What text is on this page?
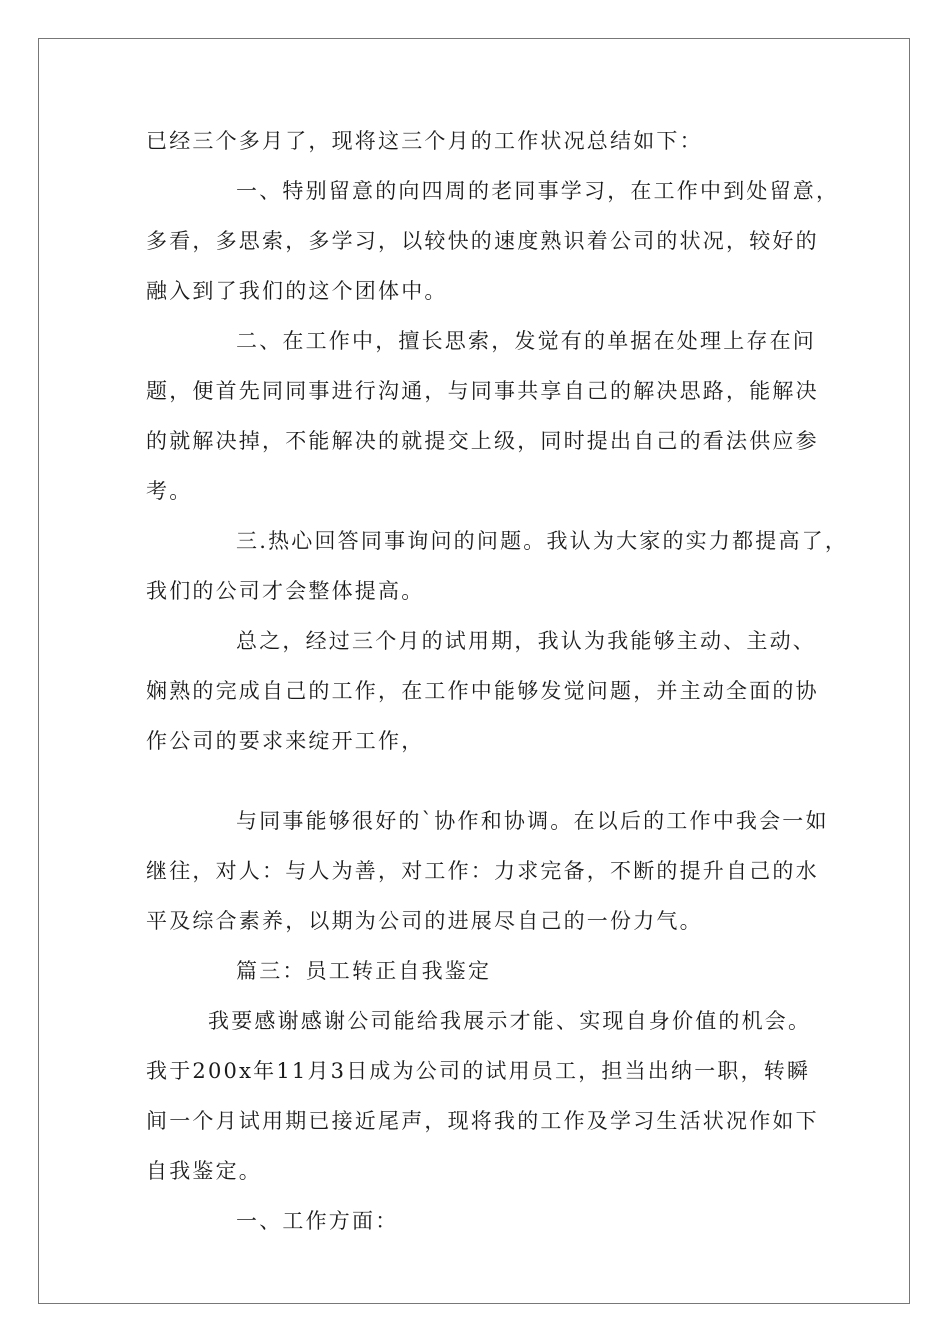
已经三个多月了，现将这三个月的工作状况总结如下：
一、特别留意的向四周的老同事学习，在工作中到处留意，
多看，多思索，多学习，以较快的速度熟识着公司的状况，较好的
融入到了我们的这个团体中。
二、在工作中，擅长思索，发觉有的单据在处理上存在问
题，便首先同同事进行沟通，与同事共享自己的解决思路，能解决
的就解决掉，不能解决的就提交上级，同时提出自己的看法供应参
考。
三.热心回答同事询问的问题。我认为大家的实力都提高了，
我们的公司才会整体提高。
总之，经过三个月的试用期，我认为我能够主动、主动、
娴熟的完成自己的工作，在工作中能够发觉问题，并主动全面的协
作公司的要求来绽开工作，
与同事能够很好的`协作和协调。在以后的工作中我会一如
继往，对人：与人为善，对工作：力求完备，不断的提升自己的水
平及综合素养，以期为公司的进展尽自己的一份力气。
篇三：员工转正自我鉴定
我要感谢感谢公司能给我展示才能、实现自身价值的机会。
我于200x年11月3日成为公司的试用员工，担当出纳一职，转瞬
间一个月试用期已接近尾声，现将我的工作及学习生活状况作如下
自我鉴定。
一、工作方面：
